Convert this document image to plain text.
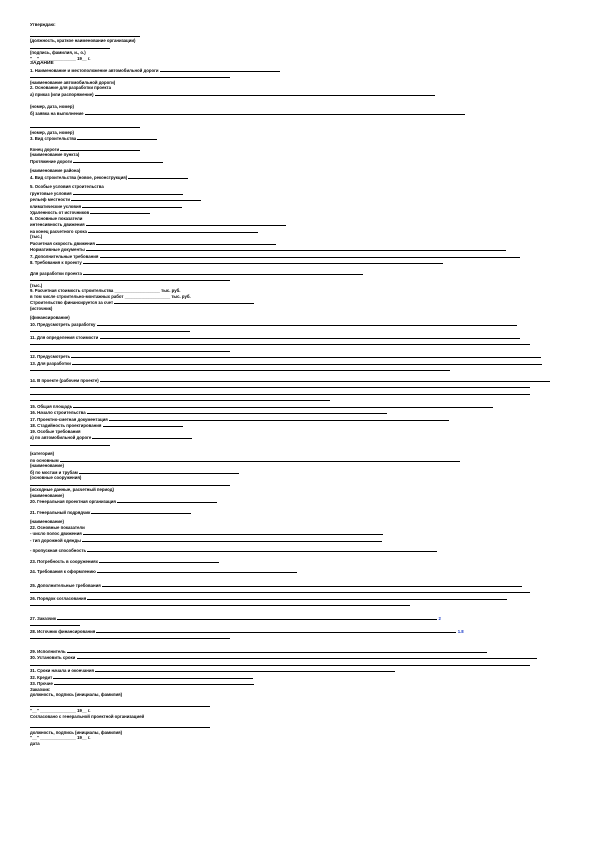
Утверждаю:
(должность, краткое наименование организации)
(подпись, фамилия, и., о.)
"__" _______________ 19__ г.
ЗАДАНИЕ
1. Наименование и местоположение автомобильной дороги
(наименование автомобильной дороги)
2. Основание для разработки проекта
а) приказ (или распоряжение)
(номер, дата, номер)
б) заявка на выполнение
(номер, дата, номер)
3. Вид строительства
Конец дороги
(наименование пункта)
Протяжение дороги
(наименование района)
4. Вид строительства (новое, реконструкция)
5. Особые условия строительства
грунтовые условия
рельеф местности
климатические условия
Удаленность от источников
6. Основные показатели
интенсивность движения
на конец расчетного срока
(тыс.)
Расчетная скорость движения
Нормативные документы
7. Дополнительные требования
8. Требования к проекту
Для разработки проекта
(тыс.)
9. Расчетная стоимость строительства ___________________ тыс. руб.
в том числе строительно-монтажных работ ___________________ тыс. руб.
Строительство финансируется за счет
(источник)
(финансирование)
10. Предусмотреть разработку
11. Для определения стоимости
12. Предусмотреть
13. Для разработки
14. В проекте (рабочем проекте)
15. Общая площадь
16. Начало строительства
17. Проектно-сметная документация
18. Стадийность проектирования
19. Особые требования
а) по автомобильной дороге
(категория)
по основным
(наименование)
б) по мостам и трубам
(основные сооружения)
(исходные данные, расчетный период)
(наименование)
20. Генеральная проектная организация
21. Генеральный подрядчик
(наименование)
22. Основные показатели
- число полос движения
- тип дорожной одежды
- пропускная способность
23. Потребность в сооружениях
24. Требования к оформлению
25. Дополнительные требования
26. Порядок согласования
27. Заказчик	2
28. Источник финансирования	1.8
29. Исполнитель
30. Установить сроки
31. Сроки начала и окончания
32. Кредит
33. Прочие
Заказчик:
должность, подпись (инициалы, фамилия)
"__" _______________ 19__ г.
Согласовано с генеральной проектной организацией
должность, подпись (инициалы, фамилия)
"__" _______________ 19__ г.
дата
